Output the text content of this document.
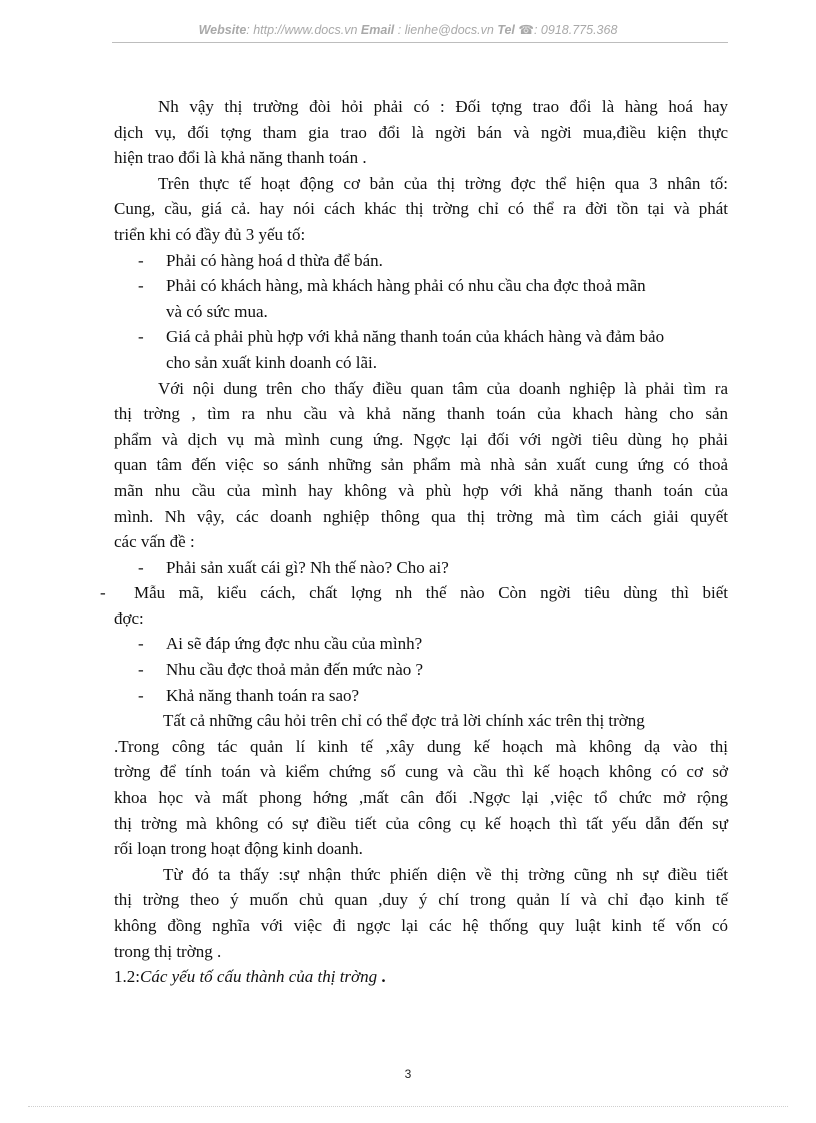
Website: http://www.docs.vn Email : lienhe@docs.vn Tel ☎: 0918.775.368
Nh vậy thị trường đòi hỏi phải có : Đối tợng trao đổi là hàng hoá hay
dịch vụ, đối tợng tham gia trao đổi là ngời bán và ngời mua,điều kiện thực
hiện trao đổi là khả năng thanh toán .
Trên thực tế hoạt động cơ bản của thị trờng đợc thể hiện qua 3 nhân tố:
Cung, cầu, giá cả. hay nói cách khác thị trờng chỉ có thể ra đời tồn tại và phát
triển khi có đầy đủ 3 yếu tố:
- Phải có hàng hoá d thừa để bán.
- Phải có khách hàng, mà khách hàng phải có nhu cầu cha đợc thoả mãn
và có sức mua.
- Giá cả phải phù hợp với khả năng thanh toán của khách hàng và đảm bảo
cho sản xuất kinh doanh có lãi.
Với nội dung trên cho thấy điều quan tâm của doanh nghiệp là phải tìm ra
thị trờng , tìm ra nhu cầu và khả năng thanh toán của khach hàng cho sản
phẩm và dịch vụ mà mình cung ứng. Ngợc lại đối với ngời tiêu dùng họ phải
quan tâm đến việc so sánh những sản phẩm mà nhà sản xuất cung ứng có thoả
mãn nhu cầu của mình hay không và phù hợp với khả năng thanh toán của
mình. Nh vậy, các doanh nghiệp thông qua thị trờng mà tìm cách giải quyết
các vấn đề :
- Phải sản xuất cái gì? Nh thế nào? Cho ai?
- Mẫu mã, kiểu cách, chất lợng nh thế nào Còn ngời tiêu dùng thì biết
đợc:
- Ai sẽ đáp ứng đợc nhu cầu của mình?
- Nhu cầu đợc thoả mản đến mức nào ?
- Khả năng thanh toán ra sao?
Tất cả những câu hỏi trên chỉ có thể đợc trả lời chính xác trên thị trờng
.Trong công tác quản lí kinh tế ,xây dung kế hoạch mà không dạ vào thị
trờng để tính toán và kiểm chứng số cung và cầu thì kế hoạch không có cơ sở
khoa học và mất phong hớng ,mất cân đối .Ngợc lại ,việc tổ chức mở rộng
thị trờng mà không có sự điều tiết của công cụ kế hoạch thì tất yếu dẫn đến sự
rối loạn trong hoạt động kinh doanh.
Từ đó ta thấy :sự nhận thức phiến diện về thị trờng cũng nh sự điều tiết
thị trờng theo ý muốn chủ quan ,duy ý chí trong quản lí và chỉ đạo kinh tế
không đồng nghĩa với việc đi ngợc lại các hệ thống quy luật kinh tế vốn có
trong thị trờng .
1.2:Các yếu tố cấu thành của thị trờng .
3
